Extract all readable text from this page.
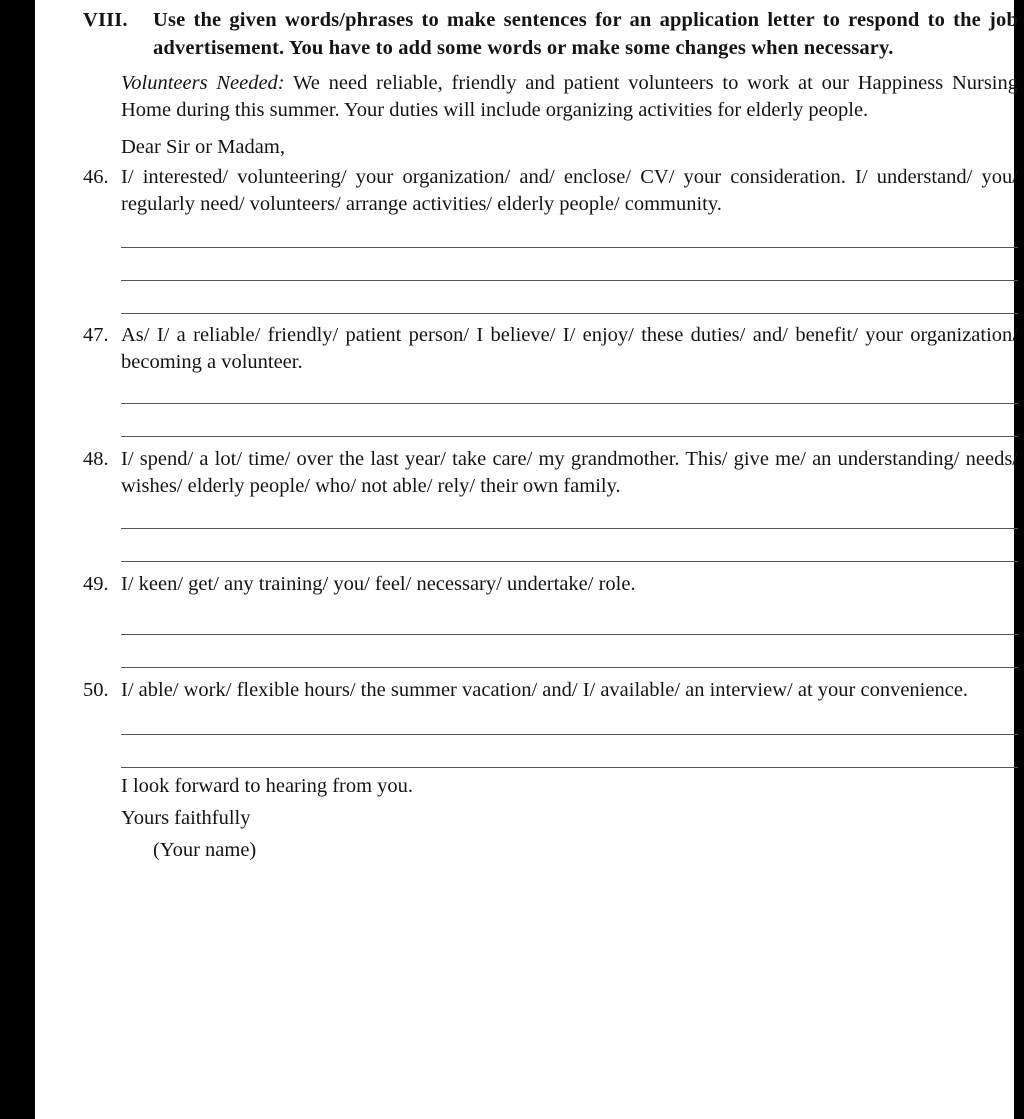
VIII.	Use the given words/phrases to make sentences for an application letter to respond to the job advertisement. You have to add some words or make some changes when necessary.

Volunteers Needed: We need reliable, friendly and patient volunteers to work at our Happiness Nursing Home during this summer. Your duties will include organizing activities for elderly people.

Dear Sir or Madam,

46. I/ interested/ volunteering/ your organization/ and/ enclose/ CV/ your consideration. I/ understand/ you/ regularly need/ volunteers/ arrange activities/ elderly people/ community.
47. As/ I/ a reliable/ friendly/ patient person/ I believe/ I/ enjoy/ these duties/ and/ benefit/ your organization/ becoming a volunteer.
48. I/ spend/ a lot/ time/ over the last year/ take care/ my grandmother. This/ give me/ an understanding/ needs/ wishes/ elderly people/ who/ not able/ rely/ their own family.
49. I/ keen/ get/ any training/ you/ feel/ necessary/ undertake/ role.
50. I/ able/ work/ flexible hours/ the summer vacation/ and/ I/ available/ an interview/ at your convenience.
I look forward to hearing from you.
Yours faithfully
(Your name)
